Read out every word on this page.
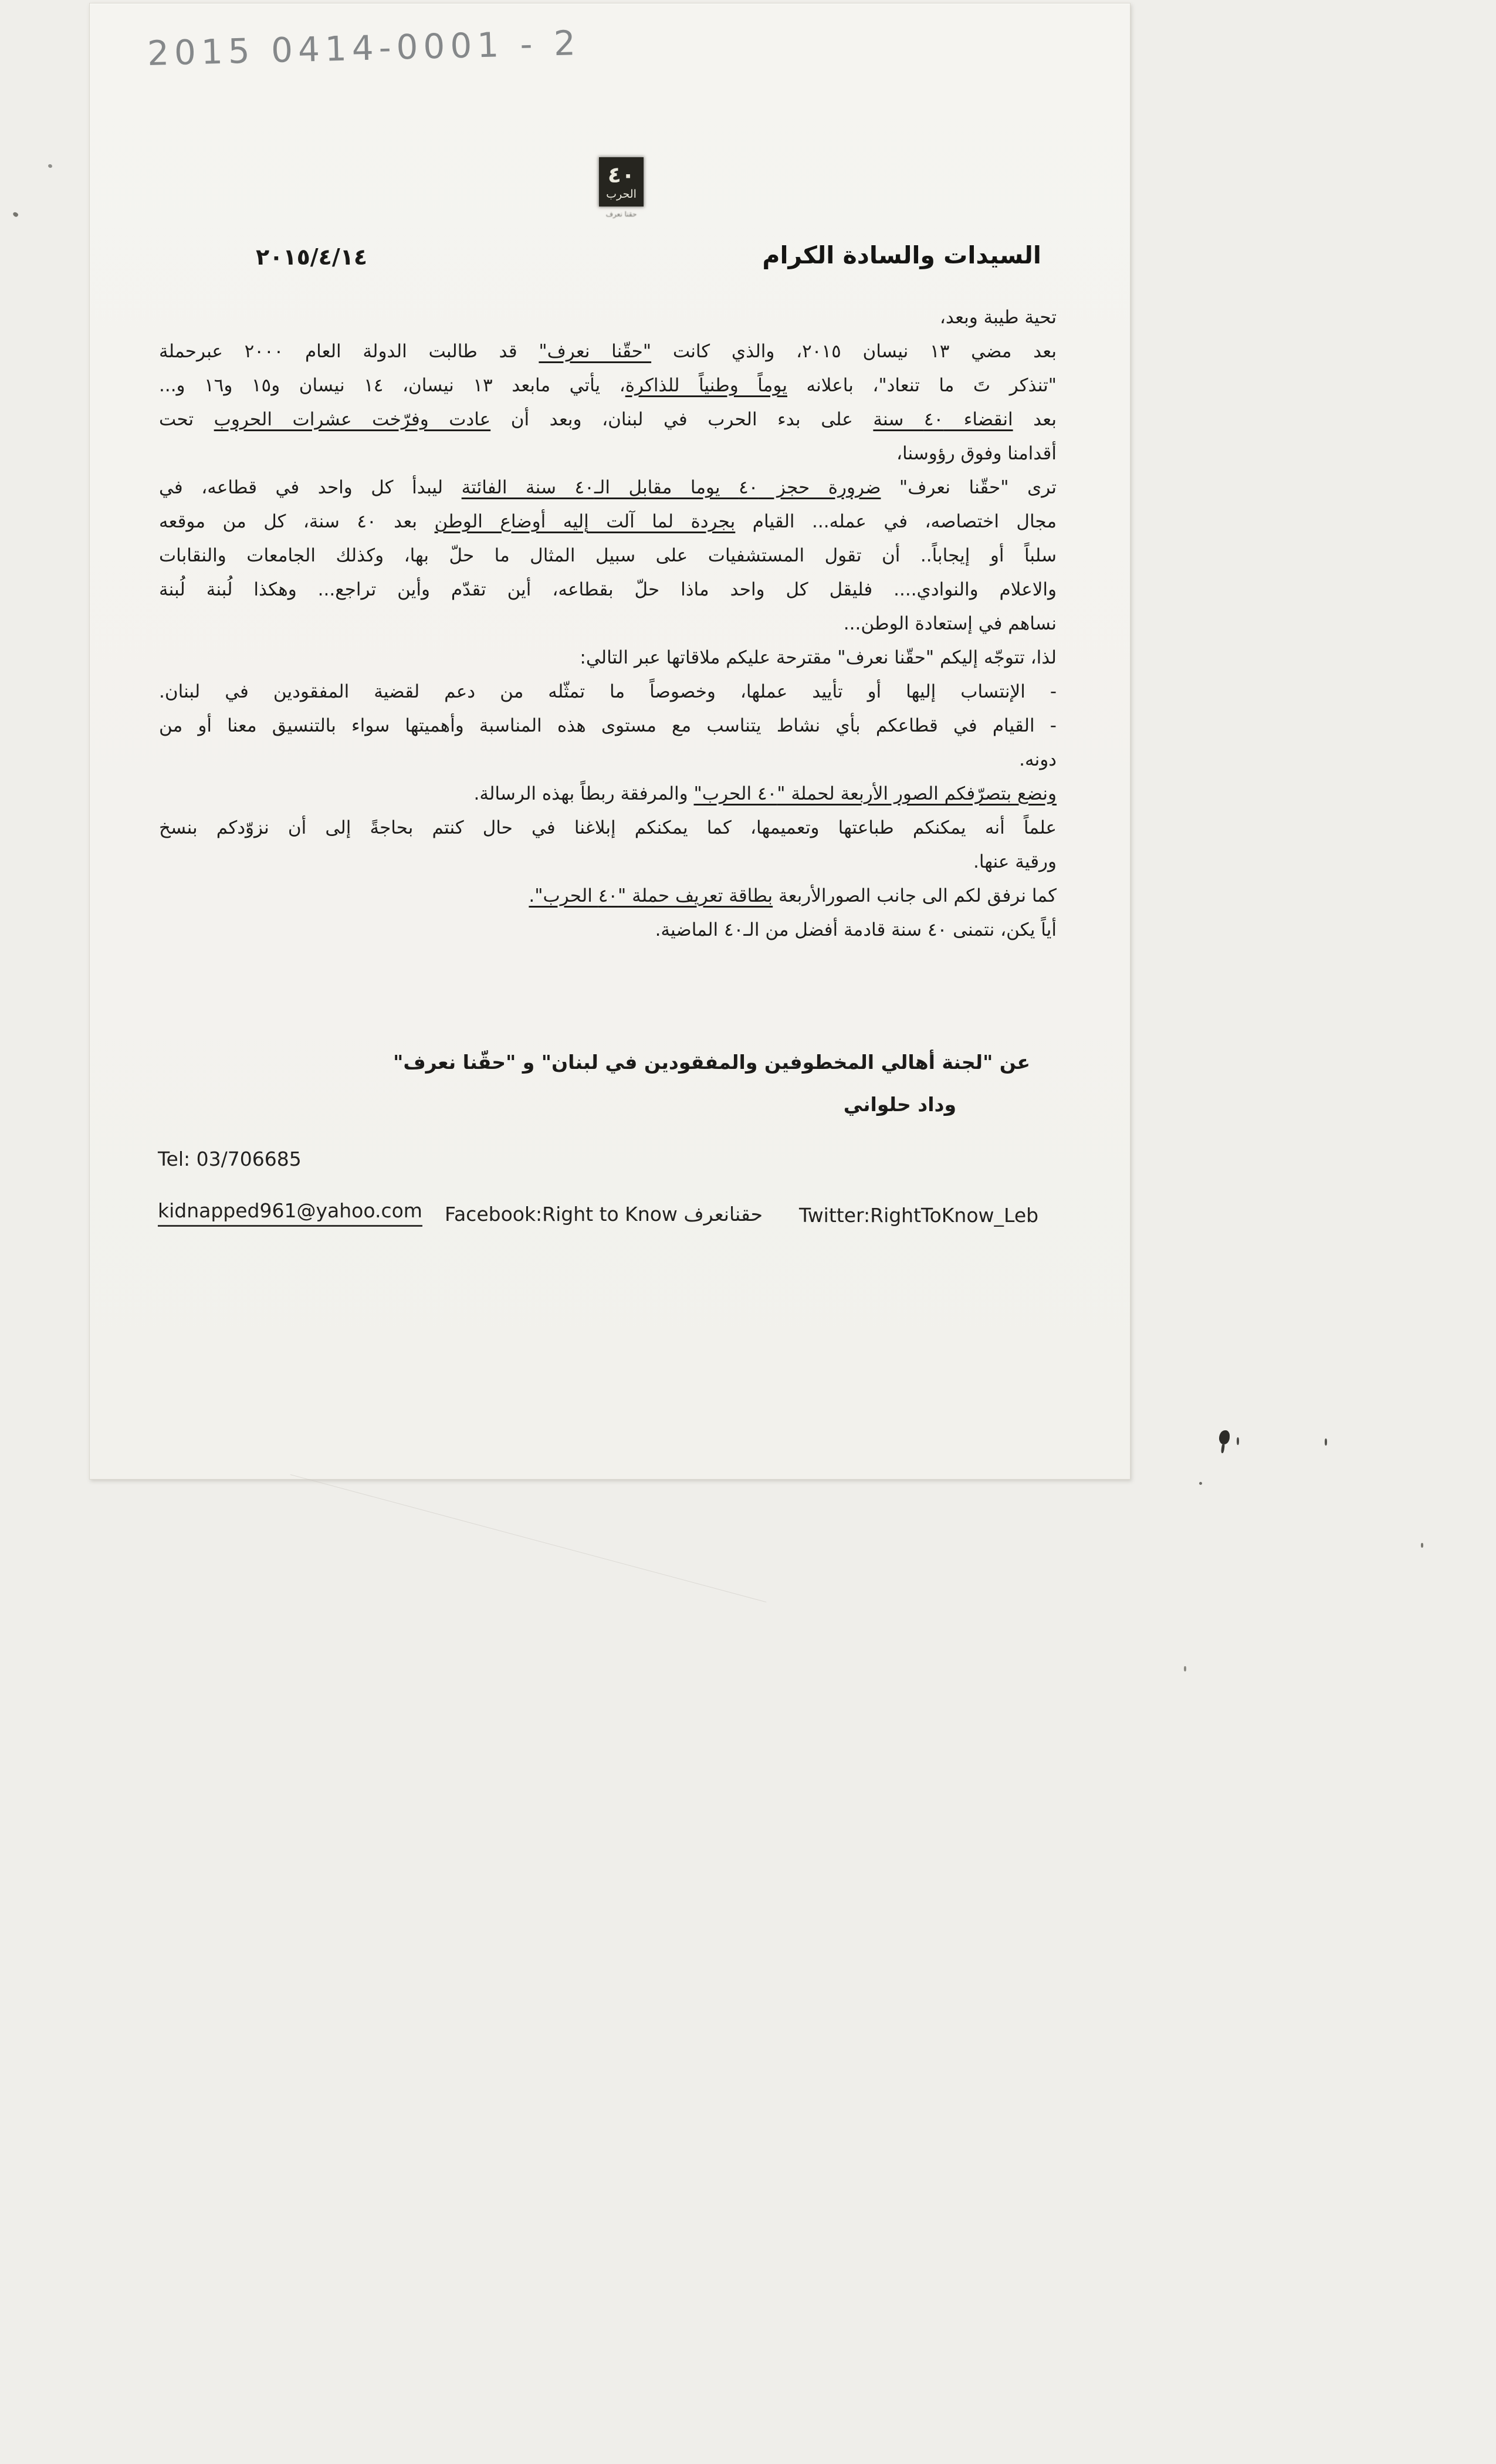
2015 0414-0001 - 2
٤٠
الحرب
حقنا نعرف
السيدات والسادة الكرام
٢٠١٥/٤/١٤
تحية طيبة وبعد،
بعد مضي ١٣ نيسان ٢٠١٥، والذي كانت "حقّنا نعرف" قد طالبت الدولة العام ٢٠٠٠ عبرحملة
"تنذكر تَ ما تنعاد"، باعلانه يوماً وطنياً للذاكرة، يأتي مابعد ١٣ نيسان، ١٤ نيسان و١٥ و١٦ و...
بعد انقضاء ٤٠ سنة على بدء الحرب في لبنان، وبعد أن عادت وفرّخت عشرات الحروب تحت
أقدامنا وفوق رؤوسنا،
ترى "حقّنا نعرف" ضرورة حجز ٤٠ يوما مقابل الـ٤٠ سنة الفائتة ليبدأ كل واحد في قطاعه، في
مجال اختصاصه، في عمله... القيام بجردة لما آلت إليه أوضاع الوطن بعد ٤٠ سنة، كل من موقعه
سلباً أو إيجاباً.. أن تقول المستشفيات على سبيل المثال ما حلّ بها، وكذلك الجامعات والنقابات
والاعلام والنوادي.... فليقل كل واحد ماذا حلّ بقطاعه، أين تقدّم وأين تراجع... وهكذا لُبنة لُبنة
نساهم في إستعادة الوطن...
لذا، تتوجّه إليكم "حقّنا نعرف" مقترحة عليكم ملاقاتها عبر التالي:
- الإنتساب إليها أو تأييد عملها، وخصوصاً ما تمثّله من دعم لقضية المفقودين في لبنان.
- القيام في قطاعكم بأي نشاط يتناسب مع مستوى هذه المناسبة وأهميتها سواء بالتنسيق معنا أو من
دونه.
ونضع بتصرّفكم الصور الأربعة لحملة "٤٠ الحرب" والمرفقة ربطاً بهذه الرسالة.
علماً أنه يمكنكم طباعتها وتعميمها، كما يمكنكم إبلاغنا في حال كنتم بحاجةً إلى أن نزوّدكم بنسخ
ورقية عنها.
كما نرفق لكم الى جانب الصورالأربعة بطاقة تعريف حملة "٤٠ الحرب".
أياً يكن، نتمنى ٤٠ سنة قادمة أفضل من الـ٤٠ الماضية.
عن "لجنة أهالي المخطوفين والمفقودين في لبنان" و "حقّنا نعرف"
وداد حلواني
Tel: 03/706685
kidnapped961@yahoo.com Facebook:Right to Know حقنانعرف Twitter:RightToKnow_Leb
